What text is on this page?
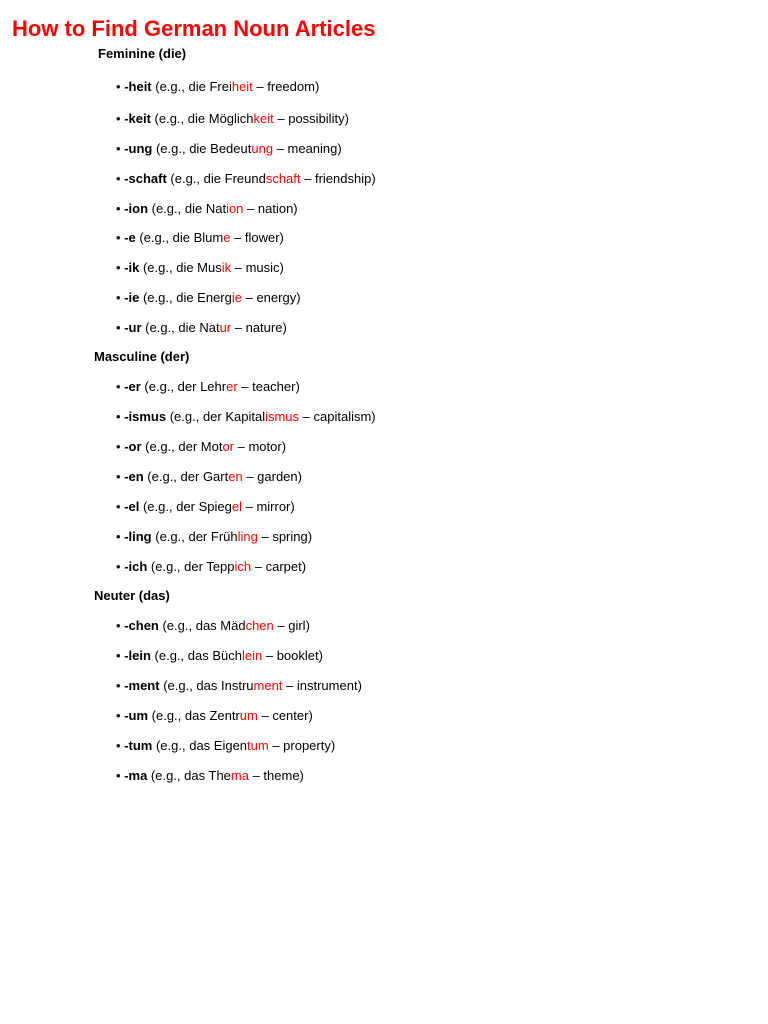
How to Find German Noun Articles
Feminine (die)
• -heit (e.g., die Freiheit – freedom)
• -keit (e.g., die Möglichkeit – possibility)
• -ung (e.g., die Bedeutung – meaning)
• -schaft (e.g., die Freundschaft – friendship)
• -ion (e.g., die Nation – nation)
• -e (e.g., die Blume – flower)
• -ik (e.g., die Musik – music)
• -ie (e.g., die Energie – energy)
• -ur (e.g., die Natur – nature)
Masculine (der)
• -er (e.g., der Lehrer – teacher)
• -ismus (e.g., der Kapitalismus – capitalism)
• -or (e.g., der Motor – motor)
• -en (e.g., der Garten – garden)
• -el (e.g., der Spiegel – mirror)
• -ling (e.g., der Frühling – spring)
• -ich (e.g., der Teppich – carpet)
Neuter (das)
• -chen (e.g., das Mädchen – girl)
• -lein (e.g., das Büchlein – booklet)
• -ment (e.g., das Instrument – instrument)
• -um (e.g., das Zentrum – center)
• -tum (e.g., das Eigentum – property)
• -ma (e.g., das Thema – theme)
